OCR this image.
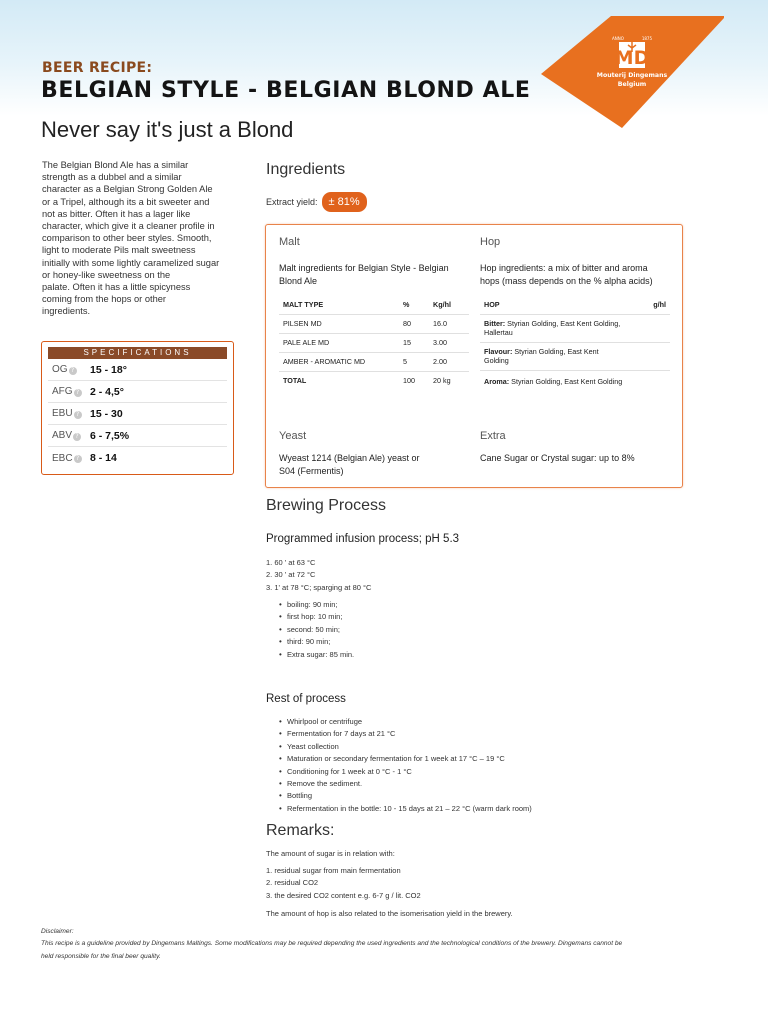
BEER RECIPE:
BELGIAN STYLE - BELGIAN BLOND ALE
Never say it's just a Blond
ANNO	1875
MD
Mouterij Dingemans
Belgium

The Belgian Blond Ale has a similar

strength as a dubbel and a similar

character as a Belgian Strong Golden Ale

or a Tripel, although its a bit sweeter and

not as bitter. Often it has a lager like

character, which give it a cleaner profile in

comparison to other beer styles. Smooth,

light to moderate Pils malt sweetness

initially with some lightly caramelized sugar

or honey-like sweetness on the

palate. Often it has a little spicyness

coming from the hops or other

ingredients.

SPECIFICATIONS
OG ? 15 - 18°
AFG ? 2 - 4,5°
EBU ? 15 - 30
ABV ? 6 - 7,5%
EBC ? 8 - 14
Ingredients
Extract yield:	± 81%
Malt
Malt ingredients for Belgian Style - Belgian
Blond Ale
MALT TYPE	%	Kg/hl
PILSEN MD	80	16.0
PALE ALE MD	15	3.00
AMBER - AROMATIC MD	5	2.00
TOTAL	100	20 kg
Hop
Hop ingredients: a mix of bitter and aroma
hops (mass depends on the % alpha acids)
HOP	g/hl
Bitter: Styrian Golding, East Kent Golding,
Hallertau
Flavour: Styrian Golding, East Kent
Golding
Aroma: Styrian Golding, East Kent Golding
Yeast
Wyeast 1214 (Belgian Ale) yeast or
S04 (Fermentis)
Extra
Cane Sugar or Crystal sugar: up to 8%
Brewing Process
Programmed infusion process; pH 5.3
1. 60 ' at 63 °C
2. 30 ' at 72 °C
3. 1' at 78 °C; sparging at 80 °C
• boiling: 90 min;
• first hop: 10 min;
• second: 50 min;
• third: 90 min;
• Extra sugar: 85 min.
Rest of process
• Whirlpool or centrifuge
• Fermentation for 7 days at 21 °C
• Yeast collection
• Maturation or secondary fermentation for 1 week at 17 °C – 19 °C
• Conditioning for 1 week at 0 °C - 1 °C
• Remove the sediment.
• Bottling
• Refermentation in the bottle: 10 - 15 days at 21 – 22 °C (warm dark room)
Remarks:
The amount of sugar is in relation with:
1. residual sugar from main fermentation
2. residual CO2
3. the desired CO2 content e.g. 6-7 g / lit. CO2
The amount of hop is also related to the isomerisation yield in the brewery.
Disclaimer:
This recipe is a guideline provided by Dingemans Maltings. Some modifications may be required depending the used ingredients and the technological conditions of the brewery. Dingemans cannot be
held responsible for the final beer quality.
